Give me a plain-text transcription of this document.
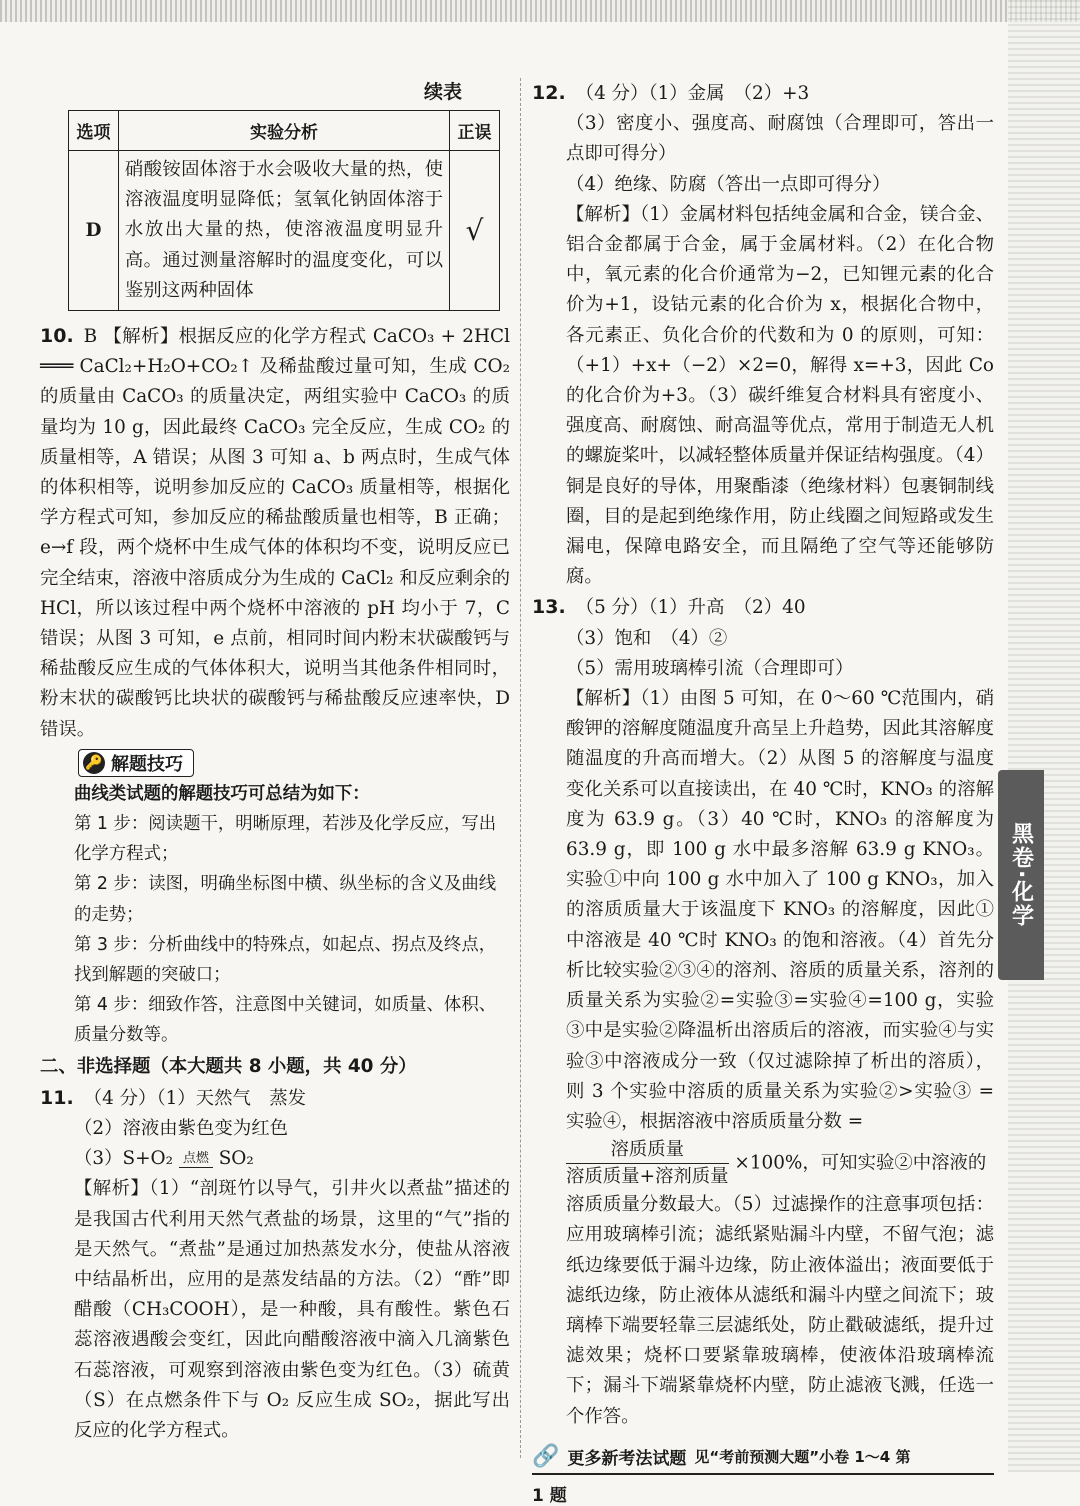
黑卷·化学
续表
选项	实验分析	正误
D	硝酸铵固体溶于水会吸收大量的热，使溶液温度明显降低；氢氧化钠固体溶于水放出大量的热，使溶液温度明显升高。通过测量溶解时的温度变化，可以鉴别这两种固体	√

10. B 【解析】根据反应的化学方程式 CaCO₃ + 2HCl ═══ CaCl₂+H₂O+CO₂↑ 及稀盐酸过量可知，生成 CO₂ 的质量由 CaCO₃ 的质量决定，两组实验中 CaCO₃ 的质量均为 10 g，因此最终 CaCO₃ 完全反应，生成 CO₂ 的质量相等，A 错误；从图 3 可知 a、b 两点时，生成气体的体积相等，说明参加反应的 CaCO₃ 质量相等，根据化学方程式可知，参加反应的稀盐酸质量也相等，B 正确；e→f 段，两个烧杯中生成气体的体积均不变，说明反应已完全结束，溶液中溶质成分为生成的 CaCl₂ 和反应剩余的 HCl，所以该过程中两个烧杯中溶液的 pH 均小于 7，C 错误；从图 3 可知，e 点前，相同时间内粉末状碳酸钙与稀盐酸反应生成的气体体积大，说明当其他条件相同时，粉末状的碳酸钙比块状的碳酸钙与稀盐酸反应速率快，D 错误。

🔑 解题技巧
曲线类试题的解题技巧可总结为如下：
第 1 步：阅读题干，明晰原理，若涉及化学反应，写出化学方程式；
第 2 步：读图，明确坐标图中横、纵坐标的含义及曲线的走势；
第 3 步：分析曲线中的特殊点，如起点、拐点及终点，找到解题的突破口；
第 4 步：细致作答，注意图中关键词，如质量、体积、质量分数等。
二、非选择题（本大题共 8 小题，共 40 分）

11. （4 分）（1）天然气　蒸发

（2）溶液由紫色变为红色

（3）S+O₂ 点燃 SO₂

【解析】（1）“剖斑竹以导气，引井火以煮盐”描述的是我国古代利用天然气煮盐的场景，这里的“气”指的是天然气。“煮盐”是通过加热蒸发水分，使盐从溶液中结晶析出，应用的是蒸发结晶的方法。（2）“酢”即醋酸（CH₃COOH），是一种酸，具有酸性。紫色石蕊溶液遇酸会变红，因此向醋酸溶液中滴入几滴紫色石蕊溶液，可观察到溶液由紫色变为红色。（3）硫黄（S）在点燃条件下与 O₂ 反应生成 SO₂，据此写出反应的化学方程式。

12. （4 分）（1）金属　（2）+3

（3）密度小、强度高、耐腐蚀（合理即可，答出一点即可得分）

（4）绝缘、防腐（答出一点即可得分）

【解析】（1）金属材料包括纯金属和合金，镁合金、铝合金都属于合金，属于金属材料。（2）在化合物中，氧元素的化合价通常为−2，已知锂元素的化合价为+1，设钴元素的化合价为 x，根据化合物中，各元素正、负化合价的代数和为 0 的原则，可知：（+1）+x+（−2）×2=0，解得 x=+3，因此 Co 的化合价为+3。（3）碳纤维复合材料具有密度小、强度高、耐腐蚀、耐高温等优点，常用于制造无人机的螺旋桨叶，以减轻整体质量并保证结构强度。（4）铜是良好的导体，用聚酯漆（绝缘材料）包裹铜制线圈，目的是起到绝缘作用，防止线圈之间短路或发生漏电，保障电路安全，而且隔绝了空气等还能够防腐。

13. （5 分）（1）升高　（2）40

（3）饱和　（4）②

（5）需用玻璃棒引流（合理即可）

【解析】（1）由图 5 可知，在 0～60 ℃范围内，硝酸钾的溶解度随温度升高呈上升趋势，因此其溶解度随温度的升高而增大。（2）从图 5 的溶解度与温度变化关系可以直接读出，在 40 ℃时，KNO₃ 的溶解度为 63.9 g。（3）40 ℃时，KNO₃ 的溶解度为 63.9 g，即 100 g 水中最多溶解 63.9 g KNO₃。实验①中向 100 g 水中加入了 100 g KNO₃，加入的溶质质量大于该温度下 KNO₃ 的溶解度，因此①中溶液是 40 ℃时 KNO₃ 的饱和溶液。（4）首先分析比较实验②③④的溶剂、溶质的质量关系，溶剂的质量关系为实验②=实验③=实验④=100 g，实验③中是实验②降温析出溶质后的溶液，而实验④与实验③中溶液成分一致（仅过滤除掉了析出的溶质），则 3 个实验中溶质的质量关系为实验②>实验③ = 实验④，根据溶液中溶质质量分数 =

$\frac{\text{溶质质量}}{\text{溶质质量+溶剂质量}} \times 100\%$，可知实验②中溶液的

溶质质量分数最大。（5）过滤操作的注意事项包括：应用玻璃棒引流；滤纸紧贴漏斗内壁，不留气泡；滤纸边缘要低于漏斗边缘，防止液体溢出；液面要低于滤纸边缘，防止液体从滤纸和漏斗内壁之间流下；玻璃棒下端要轻靠三层滤纸处，防止戳破滤纸，提升过滤效果；烧杯口要紧靠玻璃棒，使液体沿玻璃棒流下；漏斗下端紧靠烧杯内壁，防止滤液飞溅，任选一个作答。

🔗 更多新考法试题 见“考前预测大题”小卷 1～4 第
1 题
